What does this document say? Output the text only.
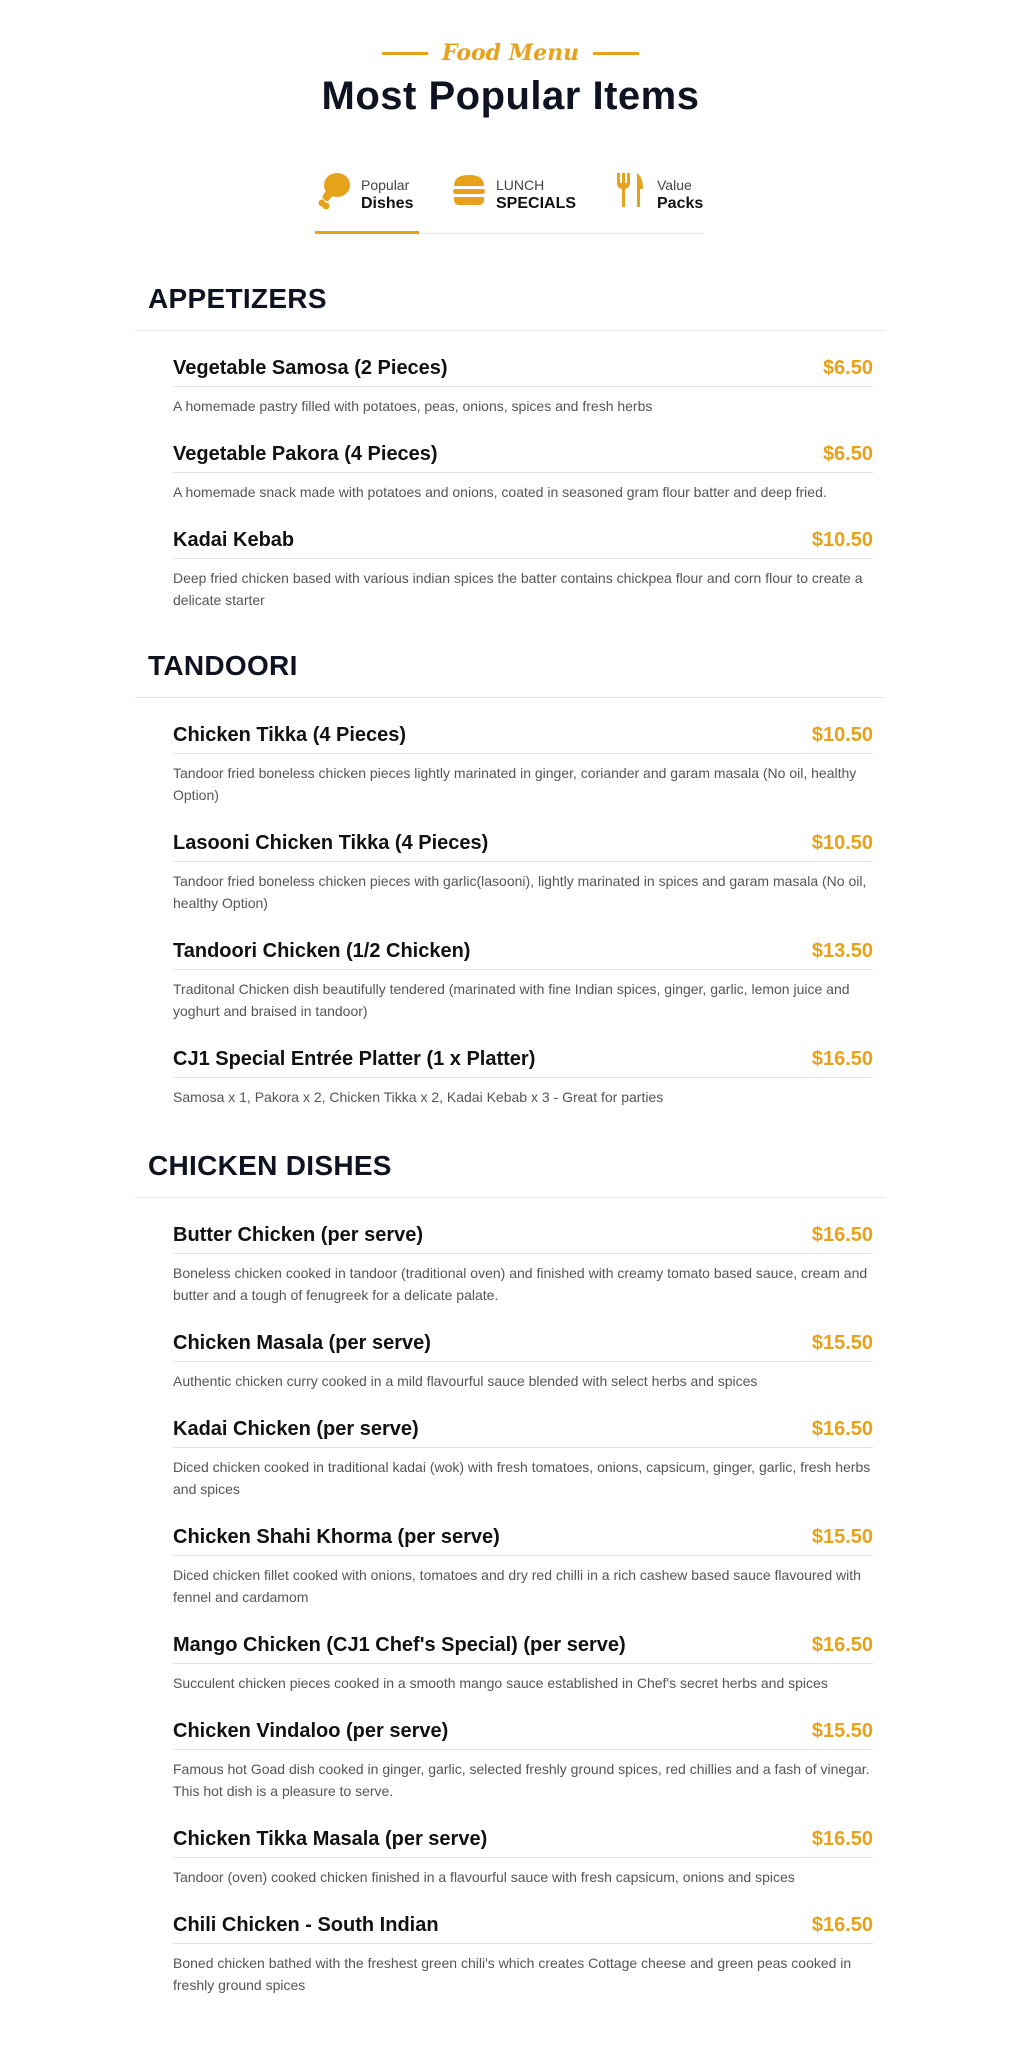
Food Menu
Most Popular Items
Popular
Dishes
LUNCH
SPECIALS
Value
Packs
APPETIZERS
Vegetable Samosa (2 Pieces)	$6.50
A homemade pastry filled with potatoes, peas, onions, spices and fresh herbs
Vegetable Pakora (4 Pieces)	$6.50
A homemade snack made with potatoes and onions, coated in seasoned gram flour batter and deep fried.
Kadai Kebab	$10.50
Deep fried chicken based with various indian spices the batter contains chickpea flour and corn flour to create a delicate starter
TANDOORI
Chicken Tikka (4 Pieces)	$10.50
Tandoor fried boneless chicken pieces lightly marinated in ginger, coriander and garam masala (No oil, healthy Option)
Lasooni Chicken Tikka (4 Pieces)	$10.50
Tandoor fried boneless chicken pieces with garlic(lasooni), lightly marinated in spices and garam masala (No oil, healthy Option)
Tandoori Chicken (1/2 Chicken)	$13.50
Traditonal Chicken dish beautifully tendered (marinated with fine Indian spices, ginger, garlic, lemon juice and yoghurt and braised in tandoor)
CJ1 Special Entrée Platter (1 x Platter)	$16.50
Samosa x 1, Pakora x 2, Chicken Tikka x 2, Kadai Kebab x 3 - Great for parties
CHICKEN DISHES
Butter Chicken (per serve)	$16.50
Boneless chicken cooked in tandoor (traditional oven) and finished with creamy tomato based sauce, cream and butter and a tough of fenugreek for a delicate palate.
Chicken Masala (per serve)	$15.50
Authentic chicken curry cooked in a mild flavourful sauce blended with select herbs and spices
Kadai Chicken (per serve)	$16.50
Diced chicken cooked in traditional kadai (wok) with fresh tomatoes, onions, capsicum, ginger, garlic, fresh herbs and spices
Chicken Shahi Khorma (per serve)	$15.50
Diced chicken fillet cooked with onions, tomatoes and dry red chilli in a rich cashew based sauce flavoured with fennel and cardamom
Mango Chicken (CJ1 Chef's Special) (per serve)	$16.50
Succulent chicken pieces cooked in a smooth mango sauce established in Chef's secret herbs and spices
Chicken Vindaloo (per serve)	$15.50
Famous hot Goad dish cooked in ginger, garlic, selected freshly ground spices, red chillies and a fash of vinegar. This hot dish is a pleasure to serve.
Chicken Tikka Masala (per serve)	$16.50
Tandoor (oven) cooked chicken finished in a flavourful sauce with fresh capsicum, onions and spices
Chili Chicken - South Indian	$16.50
Boned chicken bathed with the freshest green chili's which creates Cottage cheese and green peas cooked in freshly ground spices
